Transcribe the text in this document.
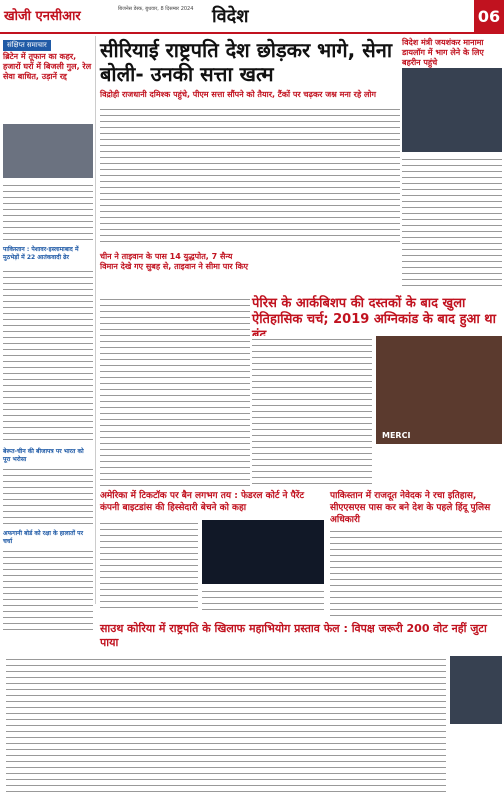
खोजी एनसीआर	बिजनेस डेस्क, बुधवार, 8 दिसम्बर 2024	विदेश	06
संक्षिप्त समाचार
ब्रिटेन में तूफान का कहर, हजारों घरों में बिजली गुल, रेल सेवा बाधित, उड़ानें रद्द
पाकिस्तान : पेशावर-इस्लामाबाद में मुठभेड़ों में 22 आतंकवादी ढेर
बेरूत-चीन की बीजापत्र पर भारत को पूरा भरोसा
अफगानी बोर्ड को रक्षा के हालातों पर चर्चा
सीरियाई राष्ट्रपति देश छोड़कर भागे, सेना बोली- उनकी सत्ता खत्म
विद्रोही राजधानी दमिश्क पहुंचे, पीएम सत्ता सौंपने को तैयार, टैंकों पर चढ़कर जश्न मना रहे लोग
विदेश मंत्री जयशंकर मानामा डायलॉग में भाग लेने के लिए बहरीन पहुंचे
चीन ने ताइवान के पास 14 युद्धपोत, 7 सैन्य विमान देखे गए सुबह से, ताइवान ने सीमा पार किए
पेरिस के आर्कबिशप की दस्तकों के बाद खुला ऐतिहासिक चर्च; 2019 अग्निकांड के बाद हुआ था
MERCI
अमेरिका में टिकटॉक पर बैन लगभग तय : फेडरल कोर्ट ने पैरेंट कंपनी बाइटडांस की हिस्सेदारी बेचने को कहा
पाकिस्तान में राजदूत नेवेदक ने रचा इतिहास, सीएएसएस पास कर बने देश के पहले हिंदू पुलिस अधिकारी
साउथ कोरिया में राष्ट्रपति के खिलाफ महाभियोग प्रस्ताव फेल : विपक्ष जरूरी 200 वोट नहीं जुटा पाया
